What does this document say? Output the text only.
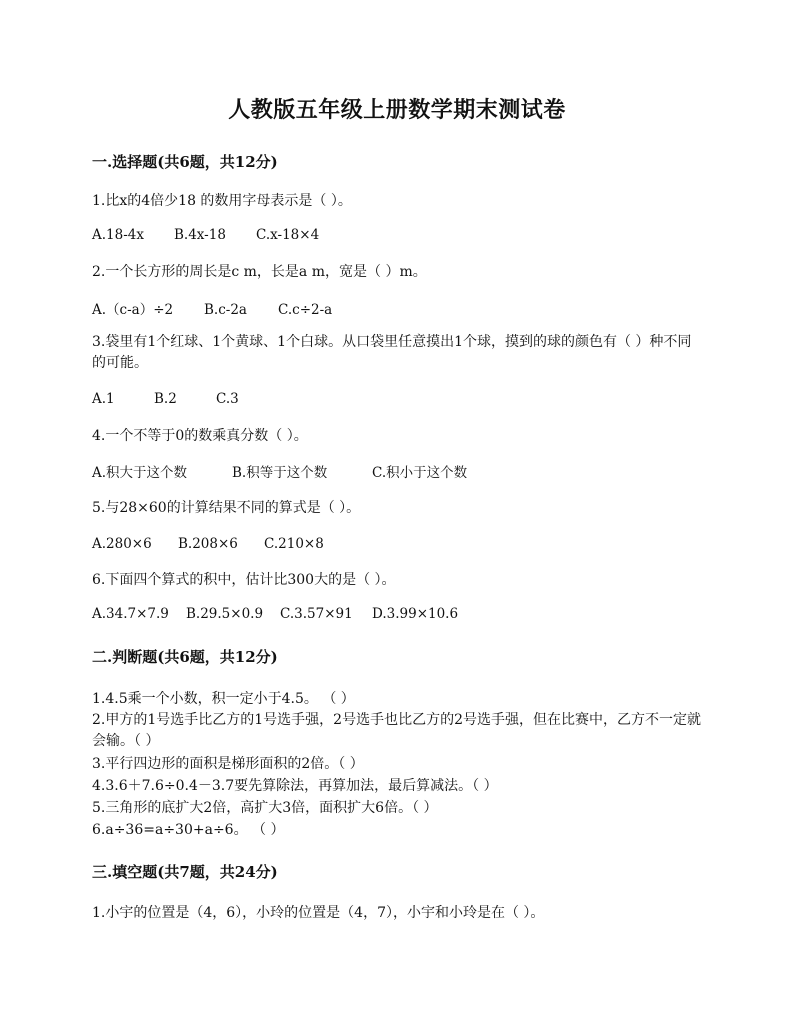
人教版五年级上册数学期末测试卷
一.选择题(共6题，共12分)
1.比x的4倍少18 的数用字母表示是（ ）。
A.18-4x B.4x-18 C.x-18×4
2.一个长方形的周长是c m，长是a m，宽是（ ）m。
A.（c-a）÷2 B.c-2a C.c÷2-a
3.袋里有1个红球、1个黄球、1个白球。从口袋里任意摸出1个球，摸到的球的颜色有（ ）种不同的可能。
A.1	B.2	C.3
4.一个不等于0的数乘真分数（ ）。
A.积大于这个数	B.积等于这个数	C.积小于这个数
5.与28×60的计算结果不同的算式是（ ）。
A.280×6 B.208×6 C.210×8
6.下面四个算式的积中，估计比300大的是（ ）。
A.34.7×7.9 B.29.5×0.9 C.3.57×91 D.3.99×10.6
二.判断题(共6题，共12分)
1.4.5乘一个小数，积一定小于4.5。 （ ）
2.甲方的1号选手比乙方的1号选手强，2号选手也比乙方的2号选手强，但在比赛中，乙方不一定就会输。（ ）
3.平行四边形的面积是梯形面积的2倍。（ ）
4.3.6＋7.6÷0.4－3.7要先算除法，再算加法，最后算减法。（ ）
5.三角形的底扩大2倍，高扩大3倍，面积扩大6倍。（ ）
6.a÷36=a÷30+a÷6。 （ ）
三.填空题(共7题，共24分)
1.小宇的位置是（4，6），小玲的位置是（4，7），小宇和小玲是在（ ）。
